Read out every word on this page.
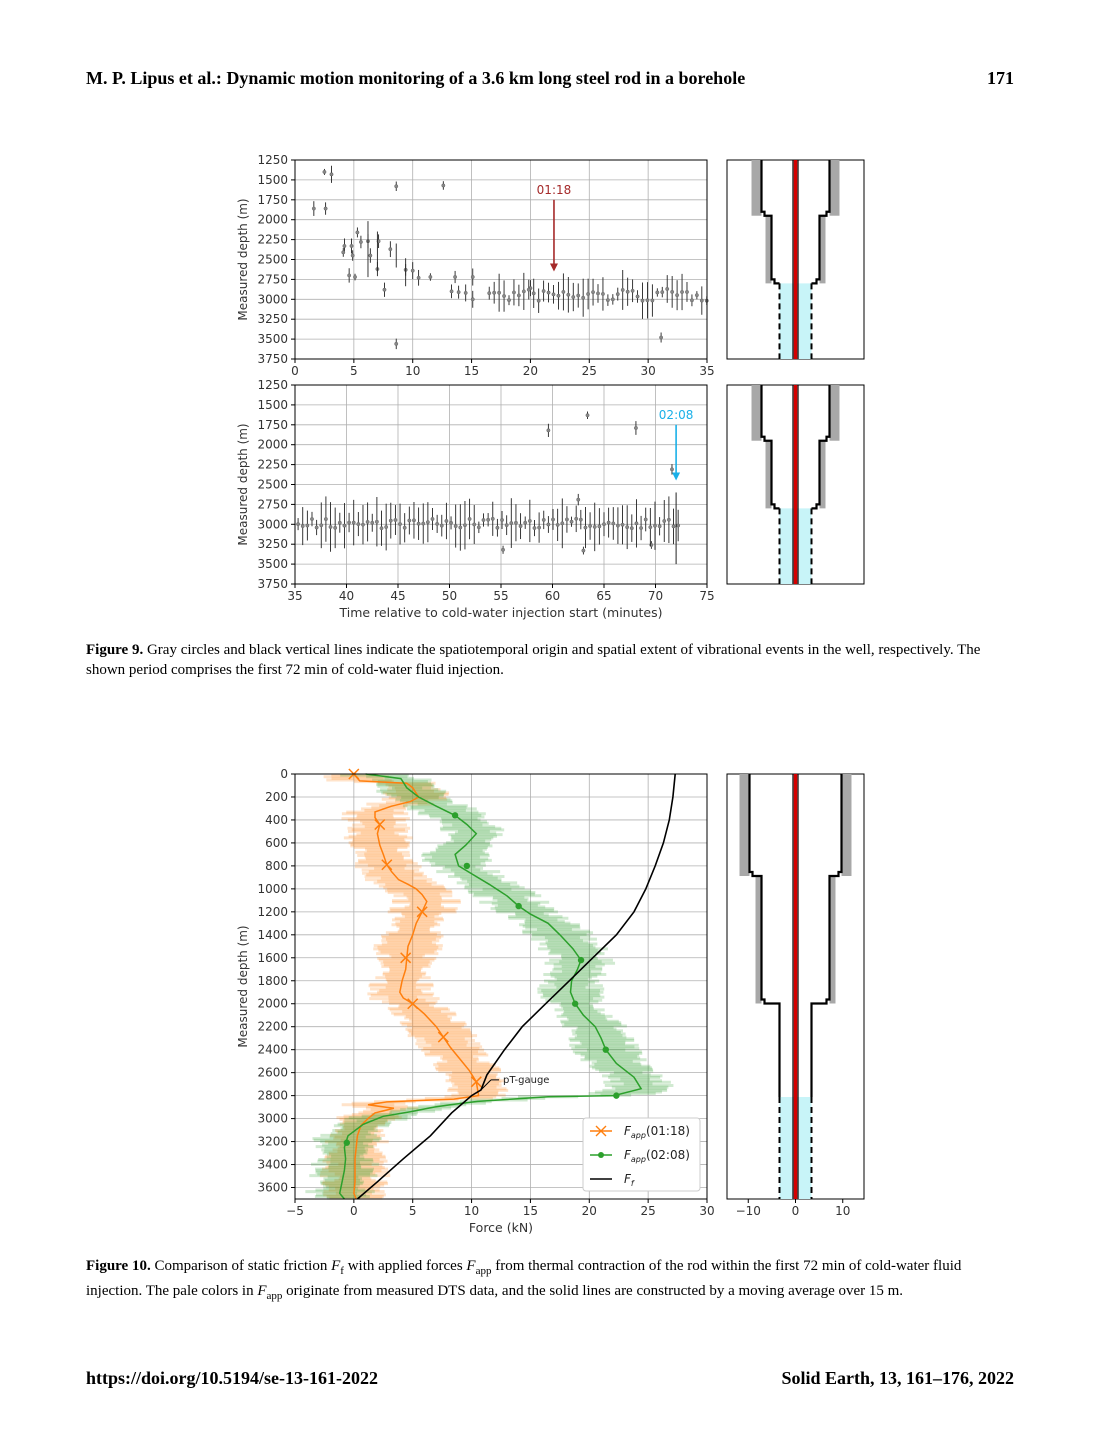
M. P. Lipus et al.: Dynamic motion monitoring of a 3.6 km long steel rod in a borehole	171
0	5	10	15	20	25	30	35
1250
1500
1750
2000
2250
2500
2750
3000
3250
3500
3750
Measured depth (m)
01:18
35	40	45	50	55	60	65	70	75
1250
1500
1750
2000
2250
2500
2750
3000
3250
3500
3750
Measured depth (m)
Time relative to cold-water injection start (minutes)
02:08
Figure 9. Gray circles and black vertical lines indicate the spatiotemporal origin and spatial extent of vibrational events in the well, respectively. The shown period comprises the first 72 min of cold-water fluid injection.
−5	0	5	10	15	20	25	30
0
200
400
600
800
1000
1200
1400
1600
1800
2000
2200
2400
2600
2800
3000
3200
3400
3600
Measured depth (m)
Force (kN)
pT-gauge
$F_{app}(01:18)$
$F_{app}(02:08)$
$F_f$
−10	0	10
Figure 10. Comparison of static friction $F_f$ with applied forces $F_{app}$ from thermal contraction of the rod within the first 72 min of cold-water fluid injection. The pale colors in $F_{app}$ originate from measured DTS data, and the solid lines are constructed by a moving average over 15 m.
https://doi.org/10.5194/se-13-161-2022	Solid Earth, 13, 161–176, 2022
